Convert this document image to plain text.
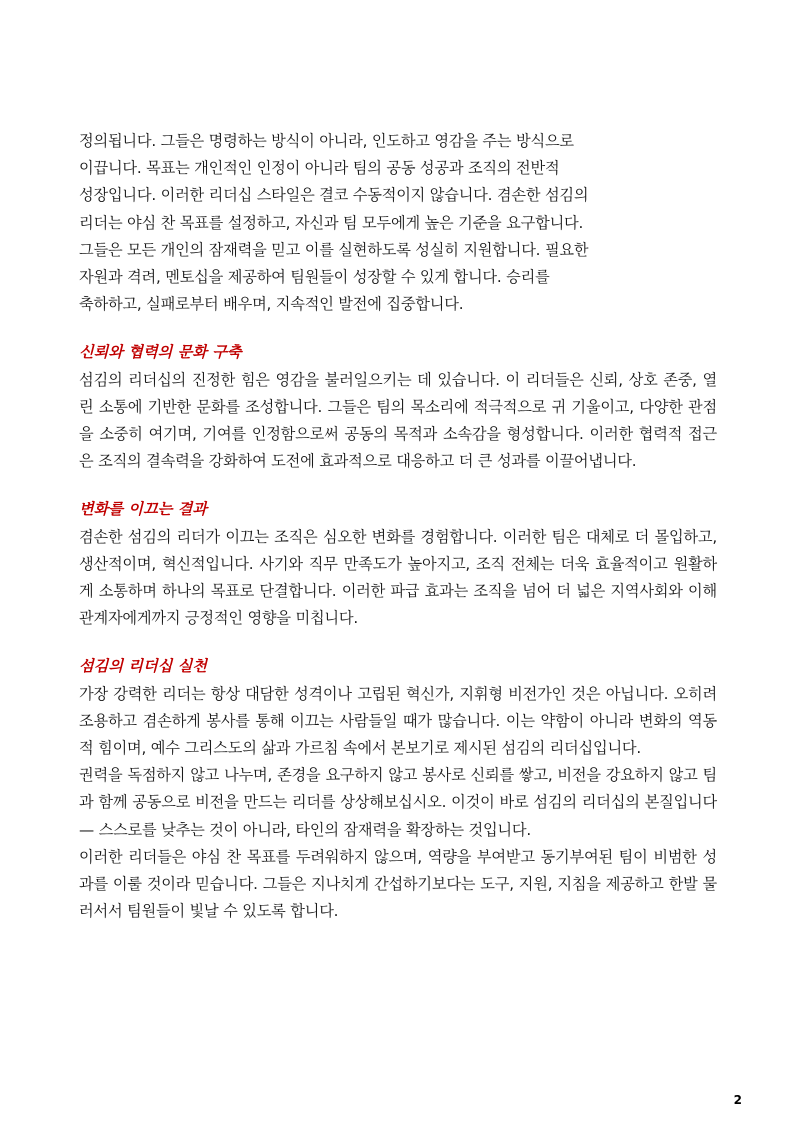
정의됩니다. 그들은 명령하는 방식이 아니라, 인도하고 영감을 주는 방식으로
이끕니다. 목표는 개인적인 인정이 아니라 팀의 공동 성공과 조직의 전반적
성장입니다. 이러한 리더십 스타일은 결코 수동적이지 않습니다. 겸손한 섬김의
리더는 야심 찬 목표를 설정하고, 자신과 팀 모두에게 높은 기준을 요구합니다.
그들은 모든 개인의 잠재력을 믿고 이를 실현하도록 성실히 지원합니다. 필요한
자원과 격려, 멘토십을 제공하여 팀원들이 성장할 수 있게 합니다. 승리를
축하하고, 실패로부터 배우며, 지속적인 발전에 집중합니다.

신뢰와 협력의 문화 구축

섬김의 리더십의 진정한 힘은 영감을 불러일으키는 데 있습니다. 이 리더들은 신뢰, 상호 존중, 열린 소통에 기반한 문화를 조성합니다. 그들은 팀의 목소리에 적극적으로 귀 기울이고, 다양한 관점을 소중히 여기며, 기여를 인정함으로써 공동의 목적과 소속감을 형성합니다. 이러한 협력적 접근은 조직의 결속력을 강화하여 도전에 효과적으로 대응하고 더 큰 성과를 이끌어냅니다.

변화를 이끄는 결과

겸손한 섬김의 리더가 이끄는 조직은 심오한 변화를 경험합니다. 이러한 팀은 대체로 더 몰입하고, 생산적이며, 혁신적입니다. 사기와 직무 만족도가 높아지고, 조직 전체는 더욱 효율적이고 원활하게 소통하며 하나의 목표로 단결합니다. 이러한 파급 효과는 조직을 넘어 더 넓은 지역사회와 이해관계자에게까지 긍정적인 영향을 미칩니다.

섬김의 리더십 실천

가장 강력한 리더는 항상 대담한 성격이나 고립된 혁신가, 지휘형 비전가인 것은 아닙니다. 오히려 조용하고 겸손하게 봉사를 통해 이끄는 사람들일 때가 많습니다. 이는 약함이 아니라 변화의 역동적 힘이며, 예수 그리스도의 삶과 가르침 속에서 본보기로 제시된 섬김의 리더십입니다.

권력을 독점하지 않고 나누며, 존경을 요구하지 않고 봉사로 신뢰를 쌓고, 비전을 강요하지 않고 팀과 함께 공동으로 비전을 만드는 리더를 상상해보십시오. 이것이 바로 섬김의 리더십의 본질입니다 — 스스로를 낮추는 것이 아니라, 타인의 잠재력을 확장하는 것입니다.

이러한 리더들은 야심 찬 목표를 두려워하지 않으며, 역량을 부여받고 동기부여된 팀이 비범한 성과를 이룰 것이라 믿습니다. 그들은 지나치게 간섭하기보다는 도구, 지원, 지침을 제공하고 한발 물러서서 팀원들이 빛날 수 있도록 합니다.

2
